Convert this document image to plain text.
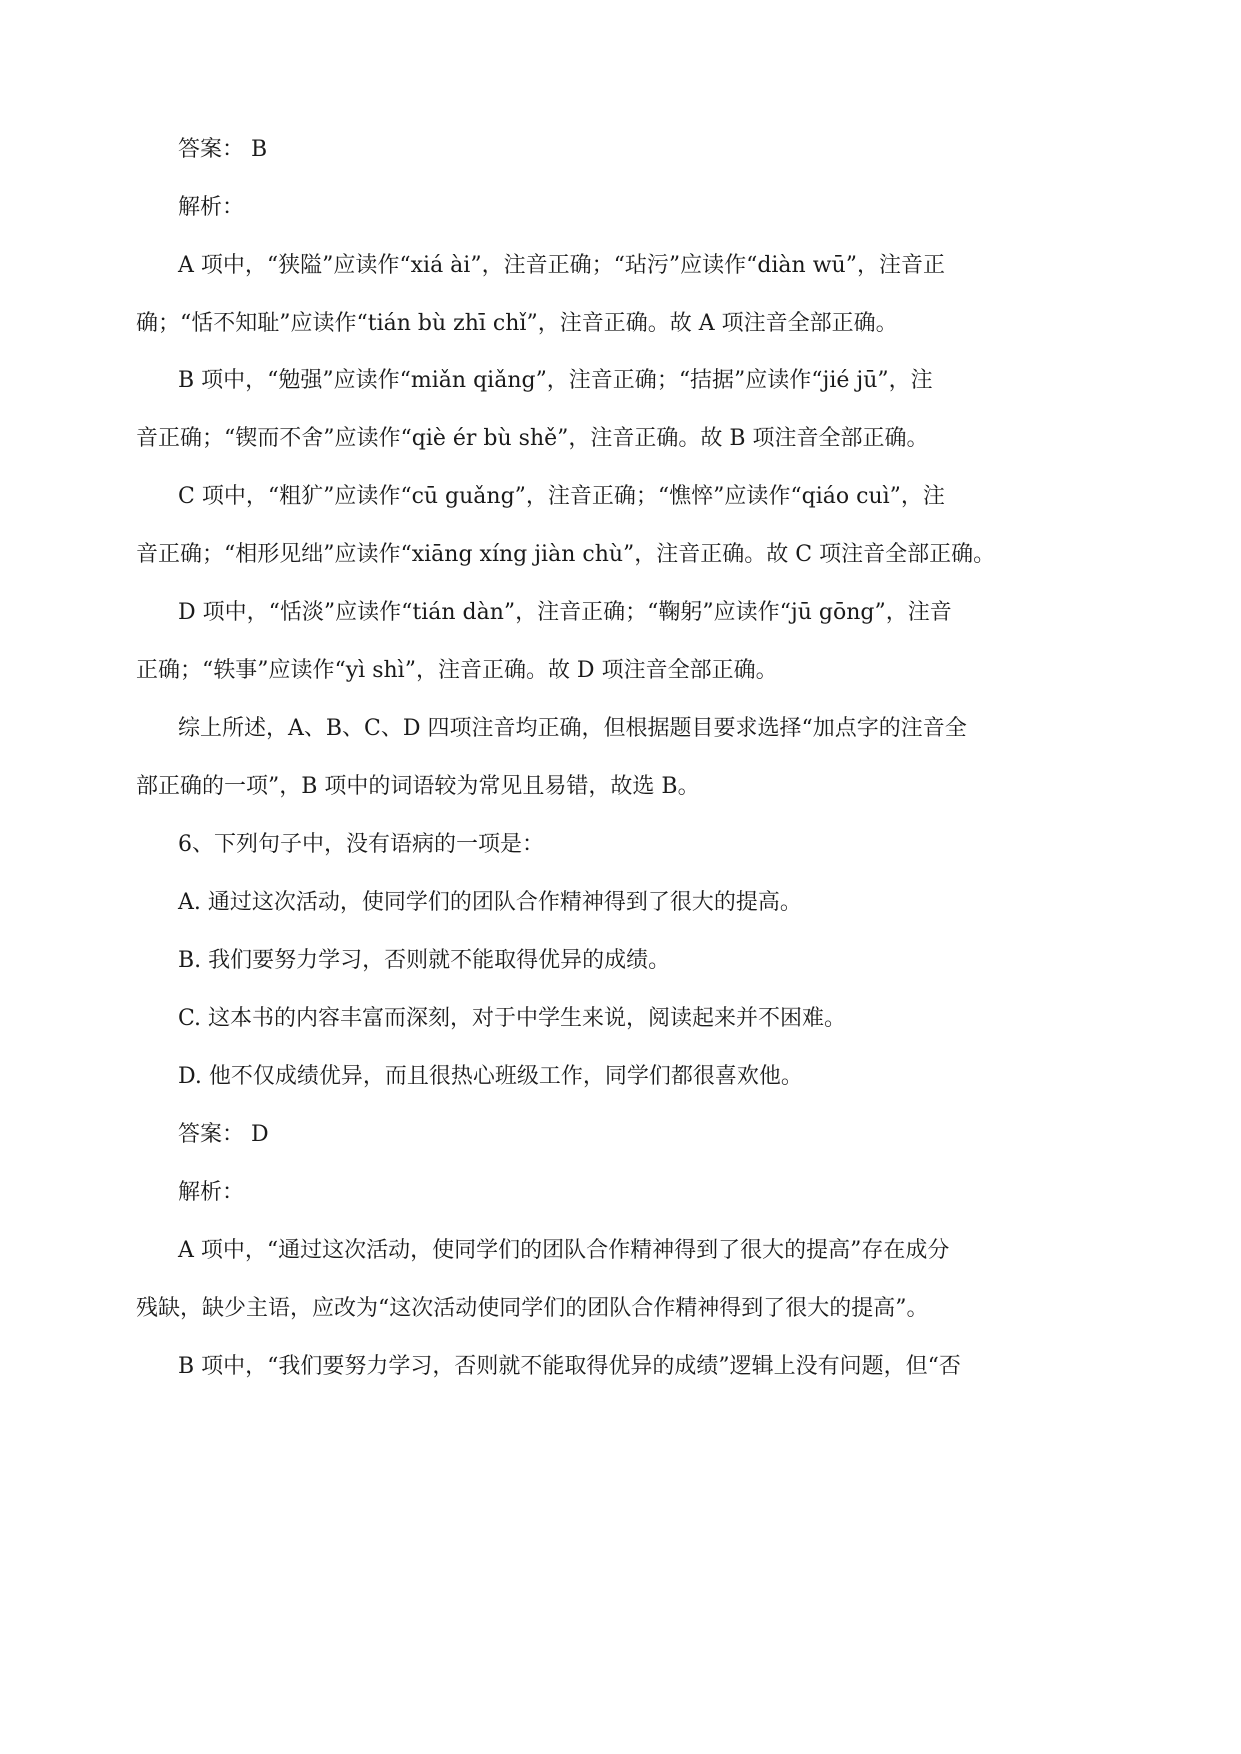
答案： B
解析：
A 项中，“狭隘”应读作“xiá ài”，注音正确；“玷污”应读作“diàn wū”，注音正
确；“恬不知耻”应读作“tián bù zhī chǐ”，注音正确。故 A 项注音全部正确。
B 项中，“勉强”应读作“miǎn qiǎng”，注音正确；“拮据”应读作“jié jū”，注
音正确；“锲而不舍”应读作“qiè ér bù shě”，注音正确。故 B 项注音全部正确。
C 项中，“粗犷”应读作“cū guǎng”，注音正确；“憔悴”应读作“qiáo cuì”，注
音正确；“相形见绌”应读作“xiāng xíng jiàn chù”，注音正确。故 C 项注音全部正确。
D 项中，“恬淡”应读作“tián dàn”，注音正确；“鞠躬”应读作“jū gōng”，注音
正确；“轶事”应读作“yì shì”，注音正确。故 D 项注音全部正确。
综上所述，A、B、C、D 四项注音均正确，但根据题目要求选择“加点字的注音全
部正确的一项”，B 项中的词语较为常见且易错，故选 B。
6、下列句子中，没有语病的一项是：
A. 通过这次活动，使同学们的团队合作精神得到了很大的提高。
B. 我们要努力学习，否则就不能取得优异的成绩。
C. 这本书的内容丰富而深刻，对于中学生来说，阅读起来并不困难。
D. 他不仅成绩优异，而且很热心班级工作，同学们都很喜欢他。
答案： D
解析：
A 项中，“通过这次活动，使同学们的团队合作精神得到了很大的提高”存在成分
残缺，缺少主语，应改为“这次活动使同学们的团队合作精神得到了很大的提高”。
B 项中，“我们要努力学习，否则就不能取得优异的成绩”逻辑上没有问题，但“否
